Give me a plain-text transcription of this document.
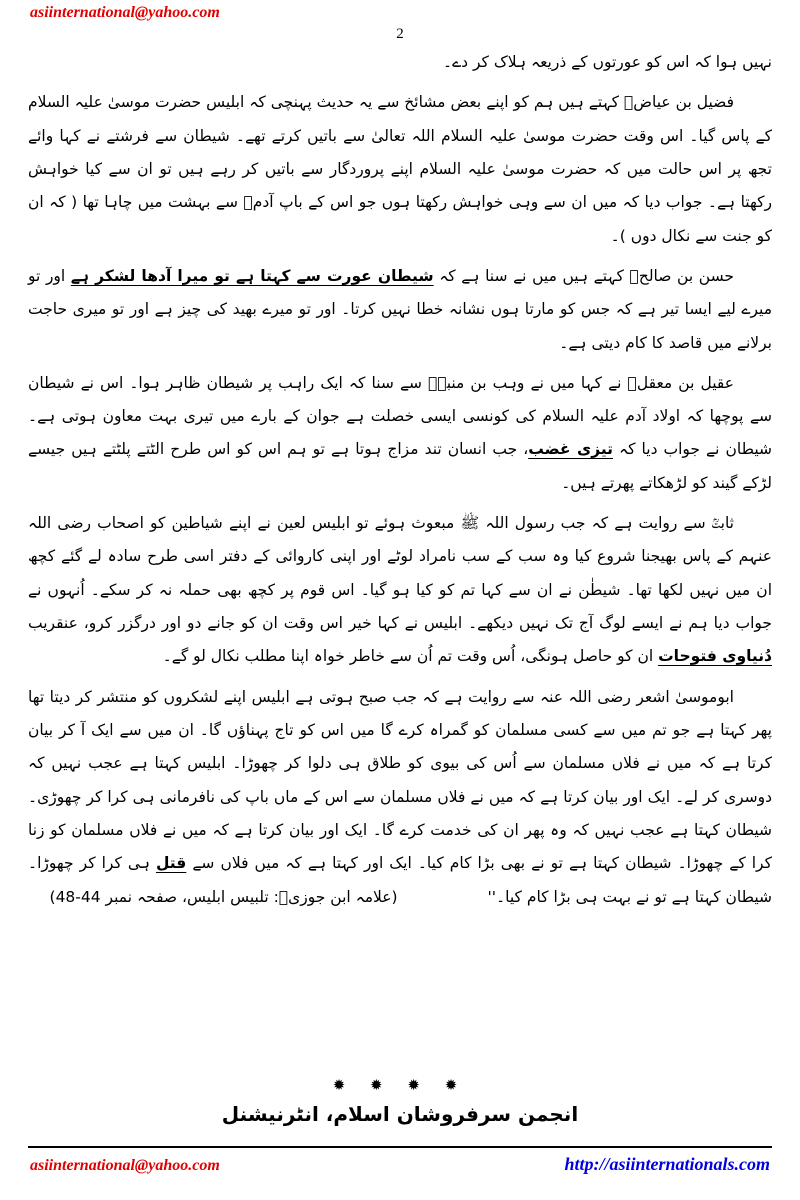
asiinternational@yahoo.com
2

نہیں ہوا کہ اس کو عورتوں کے ذریعہ ہلاک کر دے۔

فضیل بن عیاضؒ کہتے ہیں ہم کو اپنے بعض مشائخ سے یہ حدیث پہنچی کہ ابلیس حضرت موسیٰ علیہ السلام کے پاس گیا۔ اس وقت حضرت موسیٰ علیہ السلام اللہ تعالیٰ سے باتیں کرتے تھے۔ شیطان سے فرشتے نے کہا وائے تجھ پر اس حالت میں کہ حضرت موسیٰ علیہ السلام اپنے پروردگار سے باتیں کر رہے ہیں تو ان سے کیا خواہش رکھتا ہے۔ جواب دیا کہ میں ان سے وہی خواہش رکھتا ہوں جو اس کے باپ آدمؑ سے بہشت میں چاہا تھا ( کہ ان کو جنت سے نکال دوں )۔

حسن بن صالحؒ کہتے ہیں میں نے سنا ہے کہ شیطان عورت سے کہتا ہے تو میرا آدھا لشکر ہے اور تو میرے لیے ایسا تیر ہے کہ جس کو مارتا ہوں نشانہ خطا نہیں کرتا۔ اور تو میرے بھید کی چیز ہے اور تو میری حاجت برلانے میں قاصد کا کام دیتی ہے۔

عقیل بن معقلؒ نے کہا میں نے وہب بن منبہؒ سے سنا کہ ایک راہب پر شیطان ظاہر ہوا۔ اس نے شیطان سے پوچھا کہ اولاد آدم علیہ السلام کی کونسی ایسی خصلت ہے جوان کے بارے میں تیری بہت معاون ہوتی ہے۔ شیطان نے جواب دیا کہ تیزی غضب، جب انسان تند مزاج ہوتا ہے تو ہم اس کو اس طرح الٹتے پلٹتے ہیں جیسے لڑکے گیند کو لڑھکاتے پھرتے ہیں۔

ثابتؒ سے روایت ہے کہ جب رسول اللہ ﷺ مبعوث ہوئے تو ابلیس لعین نے اپنے شیاطین کو اصحاب رضی اللہ عنہم کے پاس بھیجنا شروع کیا وہ سب کے سب نامراد لوٹے اور اپنی کاروائی کے دفتر اسی طرح سادہ لے گئے کچھ ان میں نہیں لکھا تھا۔ شیطٰن نے ان سے کہا تم کو کیا ہو گیا۔ اس قوم پر کچھ بھی حملہ نہ کر سکے۔ اُنہوں نے جواب دیا ہم نے ایسے لوگ آج تک نہیں دیکھے۔ ابلیس نے کہا خیر اس وقت ان کو جانے دو اور درگزر کرو، عنقریب دُنیاوی فتوحات ان کو حاصل ہونگی، اُس وقت تم اُن سے خاطر خواہ اپنا مطلب نکال لو گے۔

ابوموسیٰ اشعر رضی اللہ عنہ سے روایت ہے کہ جب صبح ہوتی ہے ابلیس اپنے لشکروں کو منتشر کر دیتا تھا پھر کہتا ہے جو تم میں سے کسی مسلمان کو گمراہ کرے گا میں اس کو تاج پہناؤں گا۔ ان میں سے ایک آ کر بیان کرتا ہے کہ میں نے فلاں مسلمان سے اُس کی بیوی کو طلاق ہی دلوا کر چھوڑا۔ ابلیس کہتا ہے عجب نہیں کہ دوسری کر لے۔ ایک اور بیان کرتا ہے کہ میں نے فلاں مسلمان سے اس کے ماں باپ کی نافرمانی ہی کرا کر چھوڑی۔ شیطان کہتا ہے عجب نہیں کہ وہ پھر ان کی خدمت کرے گا۔ ایک اور بیان کرتا ہے کہ میں نے فلاں مسلمان کو زنا کرا کے چھوڑا۔ شیطان کہتا ہے تو نے بھی بڑا کام کیا۔ ایک اور کہتا ہے کہ میں فلاں سے قتل ہی کرا کر چھوڑا۔ شیطان کہتا ہے تو نے بہت ہی بڑا کام کیا۔''(علامہ ابن جوزیؒ: تلبیس ابلیس، صفحہ نمبر 44-48)

✹ ✹ ✹ ✹
انجمن سرفروشان اسلام، انٹرنیشنل
asiinternational@yahoo.com	http://asiinternationals.com
